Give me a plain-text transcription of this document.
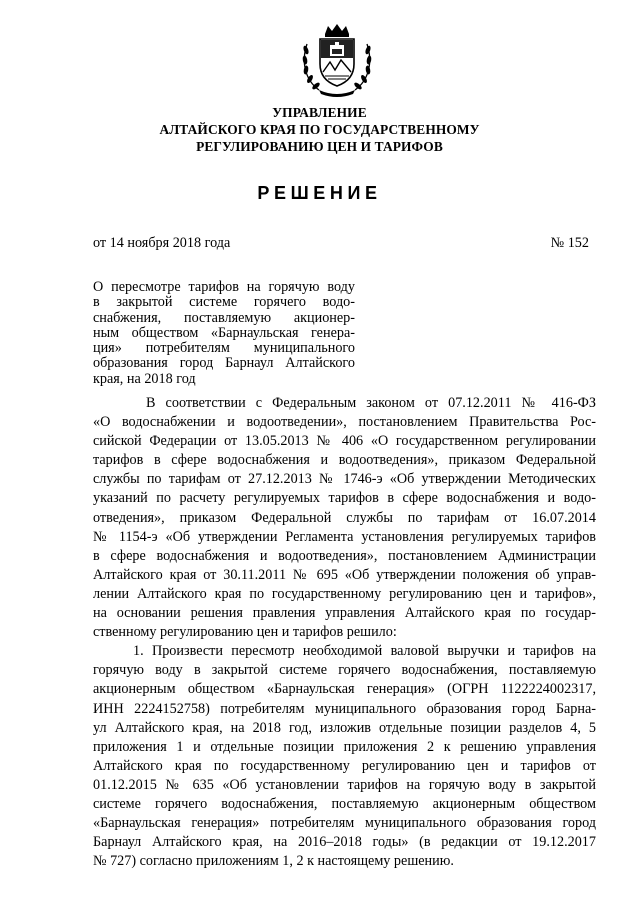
УПРАВЛЕНИЕ
АЛТАЙСКОГО КРАЯ ПО ГОСУДАРСТВЕННОМУ
РЕГУЛИРОВАНИЮ ЦЕН И ТАРИФОВ
РЕШЕНИЕ
от 14 ноября 2018 года	№ 152
О пересмотре тарифов на горячую воду
в закрытой системе горячего водо-
снабжения, поставляемую акционер-
ным обществом «Барнаульская генера-
ция» потребителям муниципального
образования город Барнаул Алтайского
края, на 2018 год
В соответствии с Федеральным законом от 07.12.2011 № 416-ФЗ
«О водоснабжении и водоотведении», постановлением Правительства Рос-
сийской Федерации от 13.05.2013 № 406 «О государственном регулировании
тарифов в сфере водоснабжения и водоотведения», приказом Федеральной
службы по тарифам от 27.12.2013 № 1746-э «Об утверждении Методических
указаний по расчету регулируемых тарифов в сфере водоснабжения и водо-
отведения», приказом Федеральной службы по тарифам от 16.07.2014
№ 1154-э «Об утверждении Регламента установления регулируемых тарифов
в сфере водоснабжения и водоотведения», постановлением Администрации
Алтайского края от 30.11.2011 № 695 «Об утверждении положения об управ-
лении Алтайского края по государственному регулированию цен и тарифов»,
на основании решения правления управления Алтайского края по государ-
ственному регулированию цен и тарифов решило:
1. Произвести пересмотр необходимой валовой выручки и тарифов на
горячую воду в закрытой системе горячего водоснабжения, поставляемую
акционерным обществом «Барнаульская генерация» (ОГРН 1122224002317,
ИНН 2224152758) потребителям муниципального образования город Барна-
ул Алтайского края, на 2018 год, изложив отдельные позиции разделов 4, 5
приложения 1 и отдельные позиции приложения 2 к решению управления
Алтайского края по государственному регулированию цен и тарифов от
01.12.2015 № 635 «Об установлении тарифов на горячую воду в закрытой
системе горячего водоснабжения, поставляемую акционерным обществом
«Барнаульская генерация» потребителям муниципального образования город
Барнаул Алтайского края, на 2016–2018 годы» (в редакции от 19.12.2017
№ 727) согласно приложениям 1, 2 к настоящему решению.
